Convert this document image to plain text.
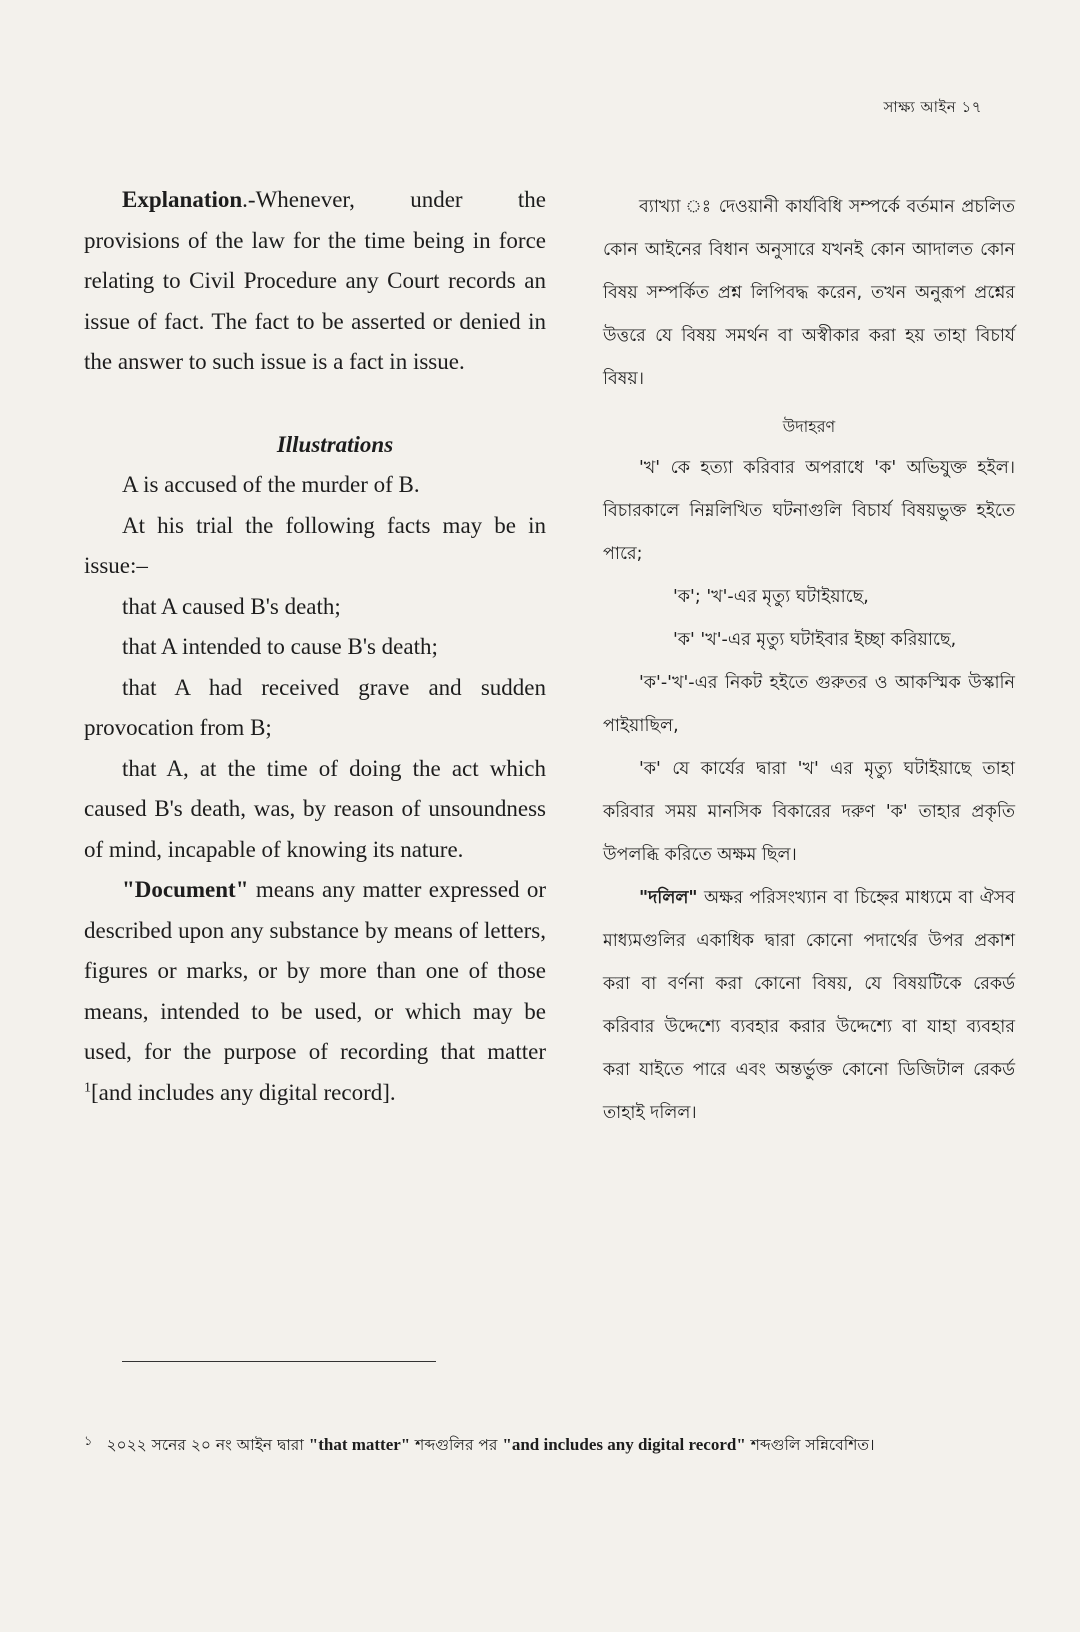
সাক্ষ্য আইন ১৭

Explanation.-Whenever, under the provisions of the law for the time being in force relating to Civil Procedure any Court records an issue of fact. The fact to be asserted or denied in the answer to such issue is a fact in issue.

Illustrations

A is accused of the murder of B.

At his trial the following facts may be in issue:–

that A caused B's death;

that A intended to cause B's death;

that A had received grave and sudden provocation from B;

that A, at the time of doing the act which caused B's death, was, by reason of unsoundness of mind, incapable of knowing its nature.

"Document" means any matter expressed or described upon any substance by means of letters, figures or marks, or by more than one of those means, intended to be used, or which may be used, for the purpose of recording that matter $^1$[and includes any digital record].

ব্যাখ্যা ঃ দেওয়ানী কার্যবিধি সম্পর্কে বর্তমান প্রচলিত কোন আইনের বিধান অনুসারে যখনই কোন আদালত কোন বিষয় সম্পর্কিত প্রশ্ন লিপিবদ্ধ করেন, তখন অনুরূপ প্রশ্নের উত্তরে যে বিষয় সমর্থন বা অস্বীকার করা হয় তাহা বিচার্য বিষয়।

উদাহরণ

'খ' কে হত্যা করিবার অপরাধে 'ক' অভিযুক্ত হইল। বিচারকালে নিম্নলিখিত ঘটনাগুলি বিচার্য বিষয়ভুক্ত হইতে পারে;

'ক'; 'খ'-এর মৃত্যু ঘটাইয়াছে,

'ক' 'খ'-এর মৃত্যু ঘটাইবার ইচ্ছা করিয়াছে,

'ক'-'খ'-এর নিকট হইতে গুরুতর ও আকস্মিক উস্কানি পাইয়াছিল,

'ক' যে কার্যের দ্বারা 'খ' এর মৃত্যু ঘটাইয়াছে তাহা করিবার সময় মানসিক বিকারের দরুণ 'ক' তাহার প্রকৃতি উপলব্ধি করিতে অক্ষম ছিল।

"দলিল" অক্ষর পরিসংখ্যান বা চিহ্নের মাধ্যমে বা ঐসব মাধ্যমগুলির একাধিক দ্বারা কোনো পদার্থের উপর প্রকাশ করা বা বর্ণনা করা কোনো বিষয়, যে বিষয়টিকে রেকর্ড করিবার উদ্দেশ্যে ব্যবহার করার উদ্দেশ্যে বা যাহা ব্যবহার করা যাইতে পারে এবং অন্তর্ভুক্ত কোনো ডিজিটাল রেকর্ড তাহাই দলিল।

$^১$ ২০২২ সনের ২০ নং আইন দ্বারা "that matter" শব্দগুলির পর "and includes any digital record" শব্দগুলি সন্নিবেশিত।
